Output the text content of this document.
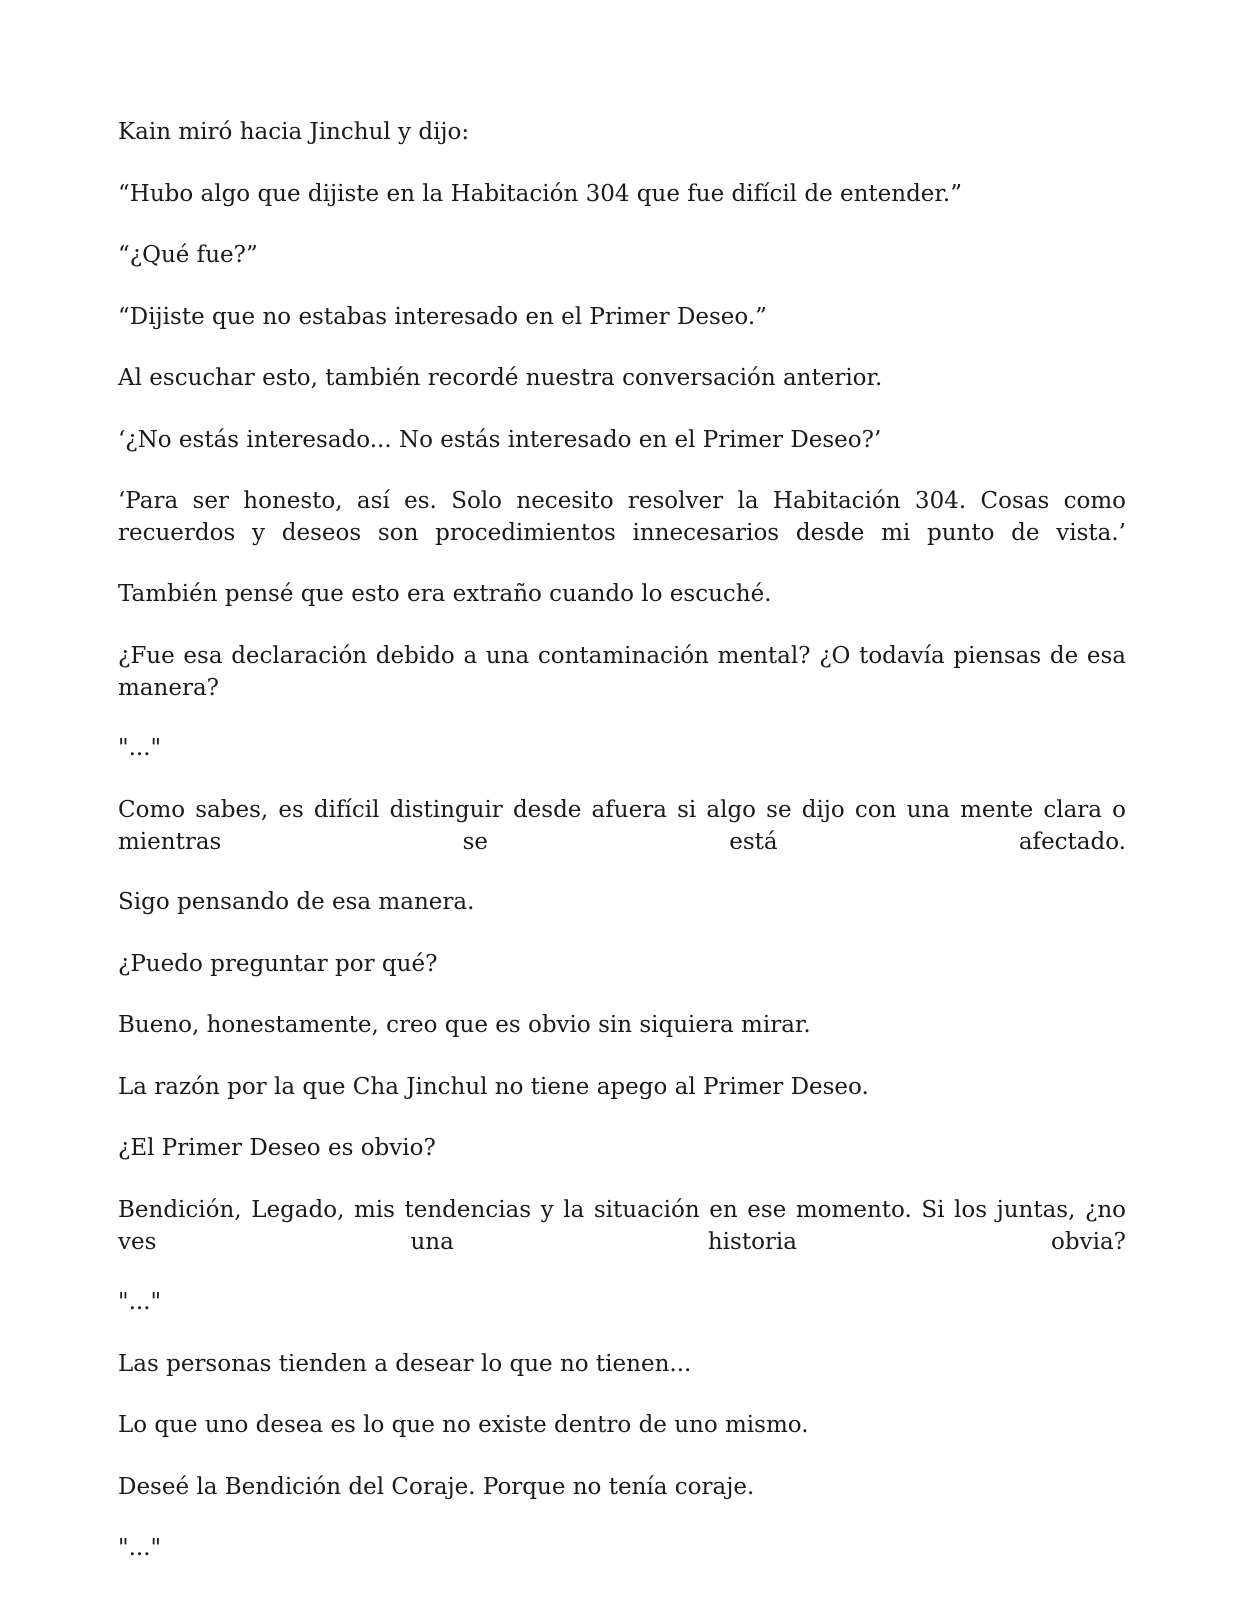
Kain miró hacia Jinchul y dijo:

“Hubo algo que dijiste en la Habitación 304 que fue difícil de entender.”

“¿Qué fue?”

“Dijiste que no estabas interesado en el Primer Deseo.”

Al escuchar esto, también recordé nuestra conversación anterior.

‘¿No estás interesado... No estás interesado en el Primer Deseo?’

‘Para ser honesto, así es. Solo necesito resolver la Habitación 304. Cosas como recuerdos y deseos son procedimientos innecesarios desde mi punto de vista.’

También pensé que esto era extraño cuando lo escuché.

¿Fue esa declaración debido a una contaminación mental? ¿O todavía piensas de esa manera?

"..."

Como sabes, es difícil distinguir desde afuera si algo se dijo con una mente clara o mientras se está afectado.

Sigo pensando de esa manera.

¿Puedo preguntar por qué?

Bueno, honestamente, creo que es obvio sin siquiera mirar.

La razón por la que Cha Jinchul no tiene apego al Primer Deseo.

¿El Primer Deseo es obvio?

Bendición, Legado, mis tendencias y la situación en ese momento. Si los juntas, ¿no ves una historia obvia?

"..."

Las personas tienden a desear lo que no tienen...

Lo que uno desea es lo que no existe dentro de uno mismo.

Deseé la Bendición del Coraje. Porque no tenía coraje.

"..."
